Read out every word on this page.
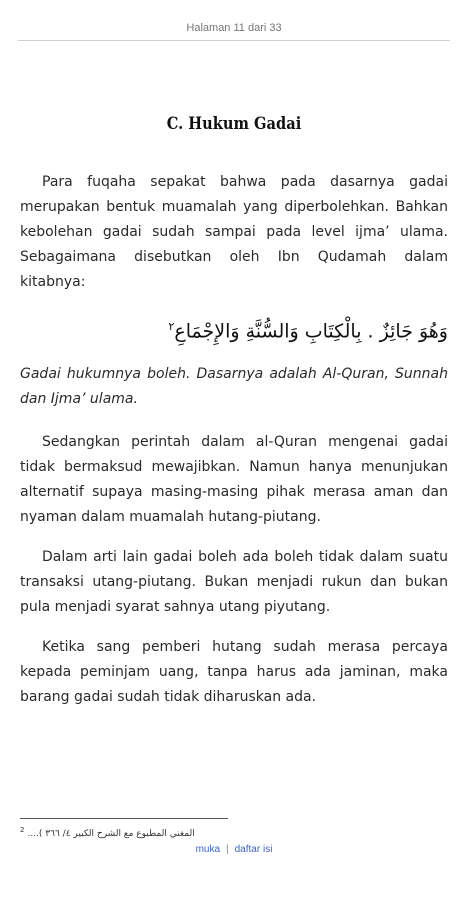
Halaman 11 dari 33
C. Hukum Gadai

Para fuqaha sepakat bahwa pada dasarnya gadai merupakan bentuk muamalah yang diperbolehkan. Bahkan kebolehan gadai sudah sampai pada level ijma’ ulama. Sebagaimana disebutkan oleh Ibn Qudamah dalam kitabnya:

وَهُوَ جَائِزٌ . بِالْكِتَابِ وَالسُّنَّةِ وَالإِجْمَاعِ$^٢$

Gadai hukumnya boleh. Dasarnya adalah Al-Quran, Sunnah dan Ijma’ ulama.

Sedangkan perintah dalam al-Quran mengenai gadai tidak bermaksud mewajibkan. Namun hanya menunjukan alternatif supaya masing-masing pihak merasa aman dan nyaman dalam muamalah hutang-piutang.

Dalam arti lain gadai boleh ada boleh tidak dalam suatu transaksi utang-piutang. Bukan menjadi rukun dan bukan pula menjadi syarat sahnya utang piyutang.

Ketika sang pemberi hutang sudah merasa percaya kepada peminjam uang, tanpa harus ada jaminan, maka barang gadai sudah tidak diharuskan ada.

$^2$ المغني المطبوع مع الشرح الكبير ٤/ ٣٦٦ )....
muka | daftar isi
